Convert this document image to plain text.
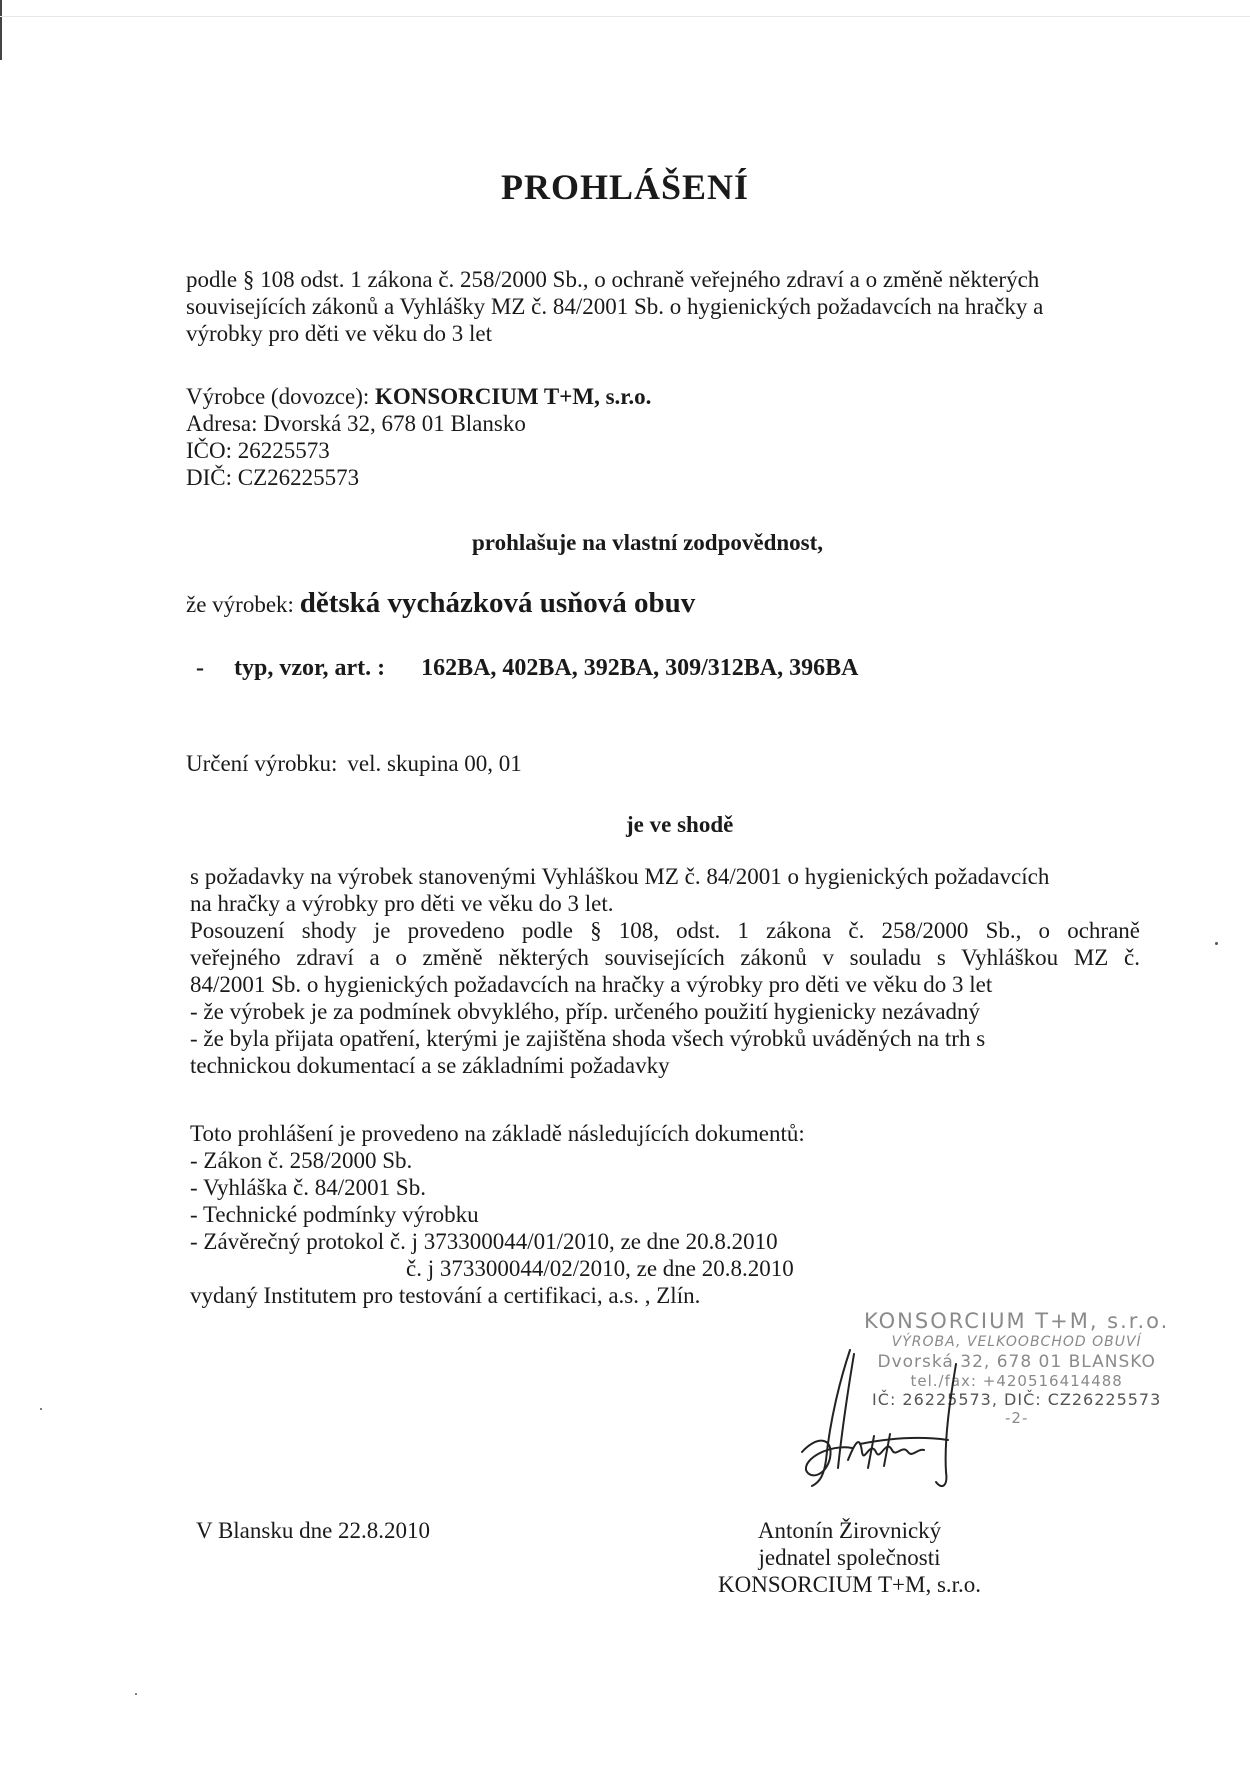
PROHLÁŠENÍ
podle § 108 odst. 1 zákona č. 258/2000 Sb., o ochraně veřejného zdraví a o změně některých
souvisejících zákonů a Vyhlášky MZ č. 84/2001 Sb. o hygienických požadavcích na hračky a
výrobky pro děti ve věku do 3 let
Výrobce (dovozce): KONSORCIUM T+M, s.r.o.
Adresa: Dvorská 32, 678 01 Blansko
IČO: 26225573
DIČ: CZ26225573
prohlašuje na vlastní zodpovědnost,
že výrobek: dětská vycházková usňová obuv
- typ, vzor, art. : 162BA, 402BA, 392BA, 309/312BA, 396BA
Určení výrobku: vel. skupina 00, 01
je ve shodě
s požadavky na výrobek stanovenými Vyhláškou MZ č. 84/2001 o hygienických požadavcích
na hračky a výrobky pro děti ve věku do 3 let.
Posouzení shody je provedeno podle § 108, odst. 1 zákona č. 258/2000 Sb., o ochraně
veřejného zdraví a o změně některých souvisejících zákonů v souladu s Vyhláškou MZ č.
84/2001 Sb. o hygienických požadavcích na hračky a výrobky pro děti ve věku do 3 let
- že výrobek je za podmínek obvyklého, příp. určeného použití hygienicky nezávadný
- že byla přijata opatření, kterými je zajištěna shoda všech výrobků uváděných na trh s
technickou dokumentací a se základními požadavky
Toto prohlášení je provedeno na základě následujících dokumentů:
- Zákon č. 258/2000 Sb.
- Vyhláška č. 84/2001 Sb.
- Technické podmínky výrobku
- Závěrečný protokol č. j 373300044/01/2010, ze dne 20.8.2010
č. j 373300044/02/2010, ze dne 20.8.2010
vydaný Institutem pro testování a certifikaci, a.s. , Zlín.
KONSORCIUM T+M, s.r.o.
VÝROBA, VELKOOBCHOD OBUVÍ
Dvorská 32, 678 01 BLANSKO
tel./fax: +420516414488
IČ: 26225573, DIČ: CZ26225573
-2-
V Blansku dne 22.8.2010	Antonín Žirovnický
jednatel společnosti
KONSORCIUM T+M, s.r.o.
